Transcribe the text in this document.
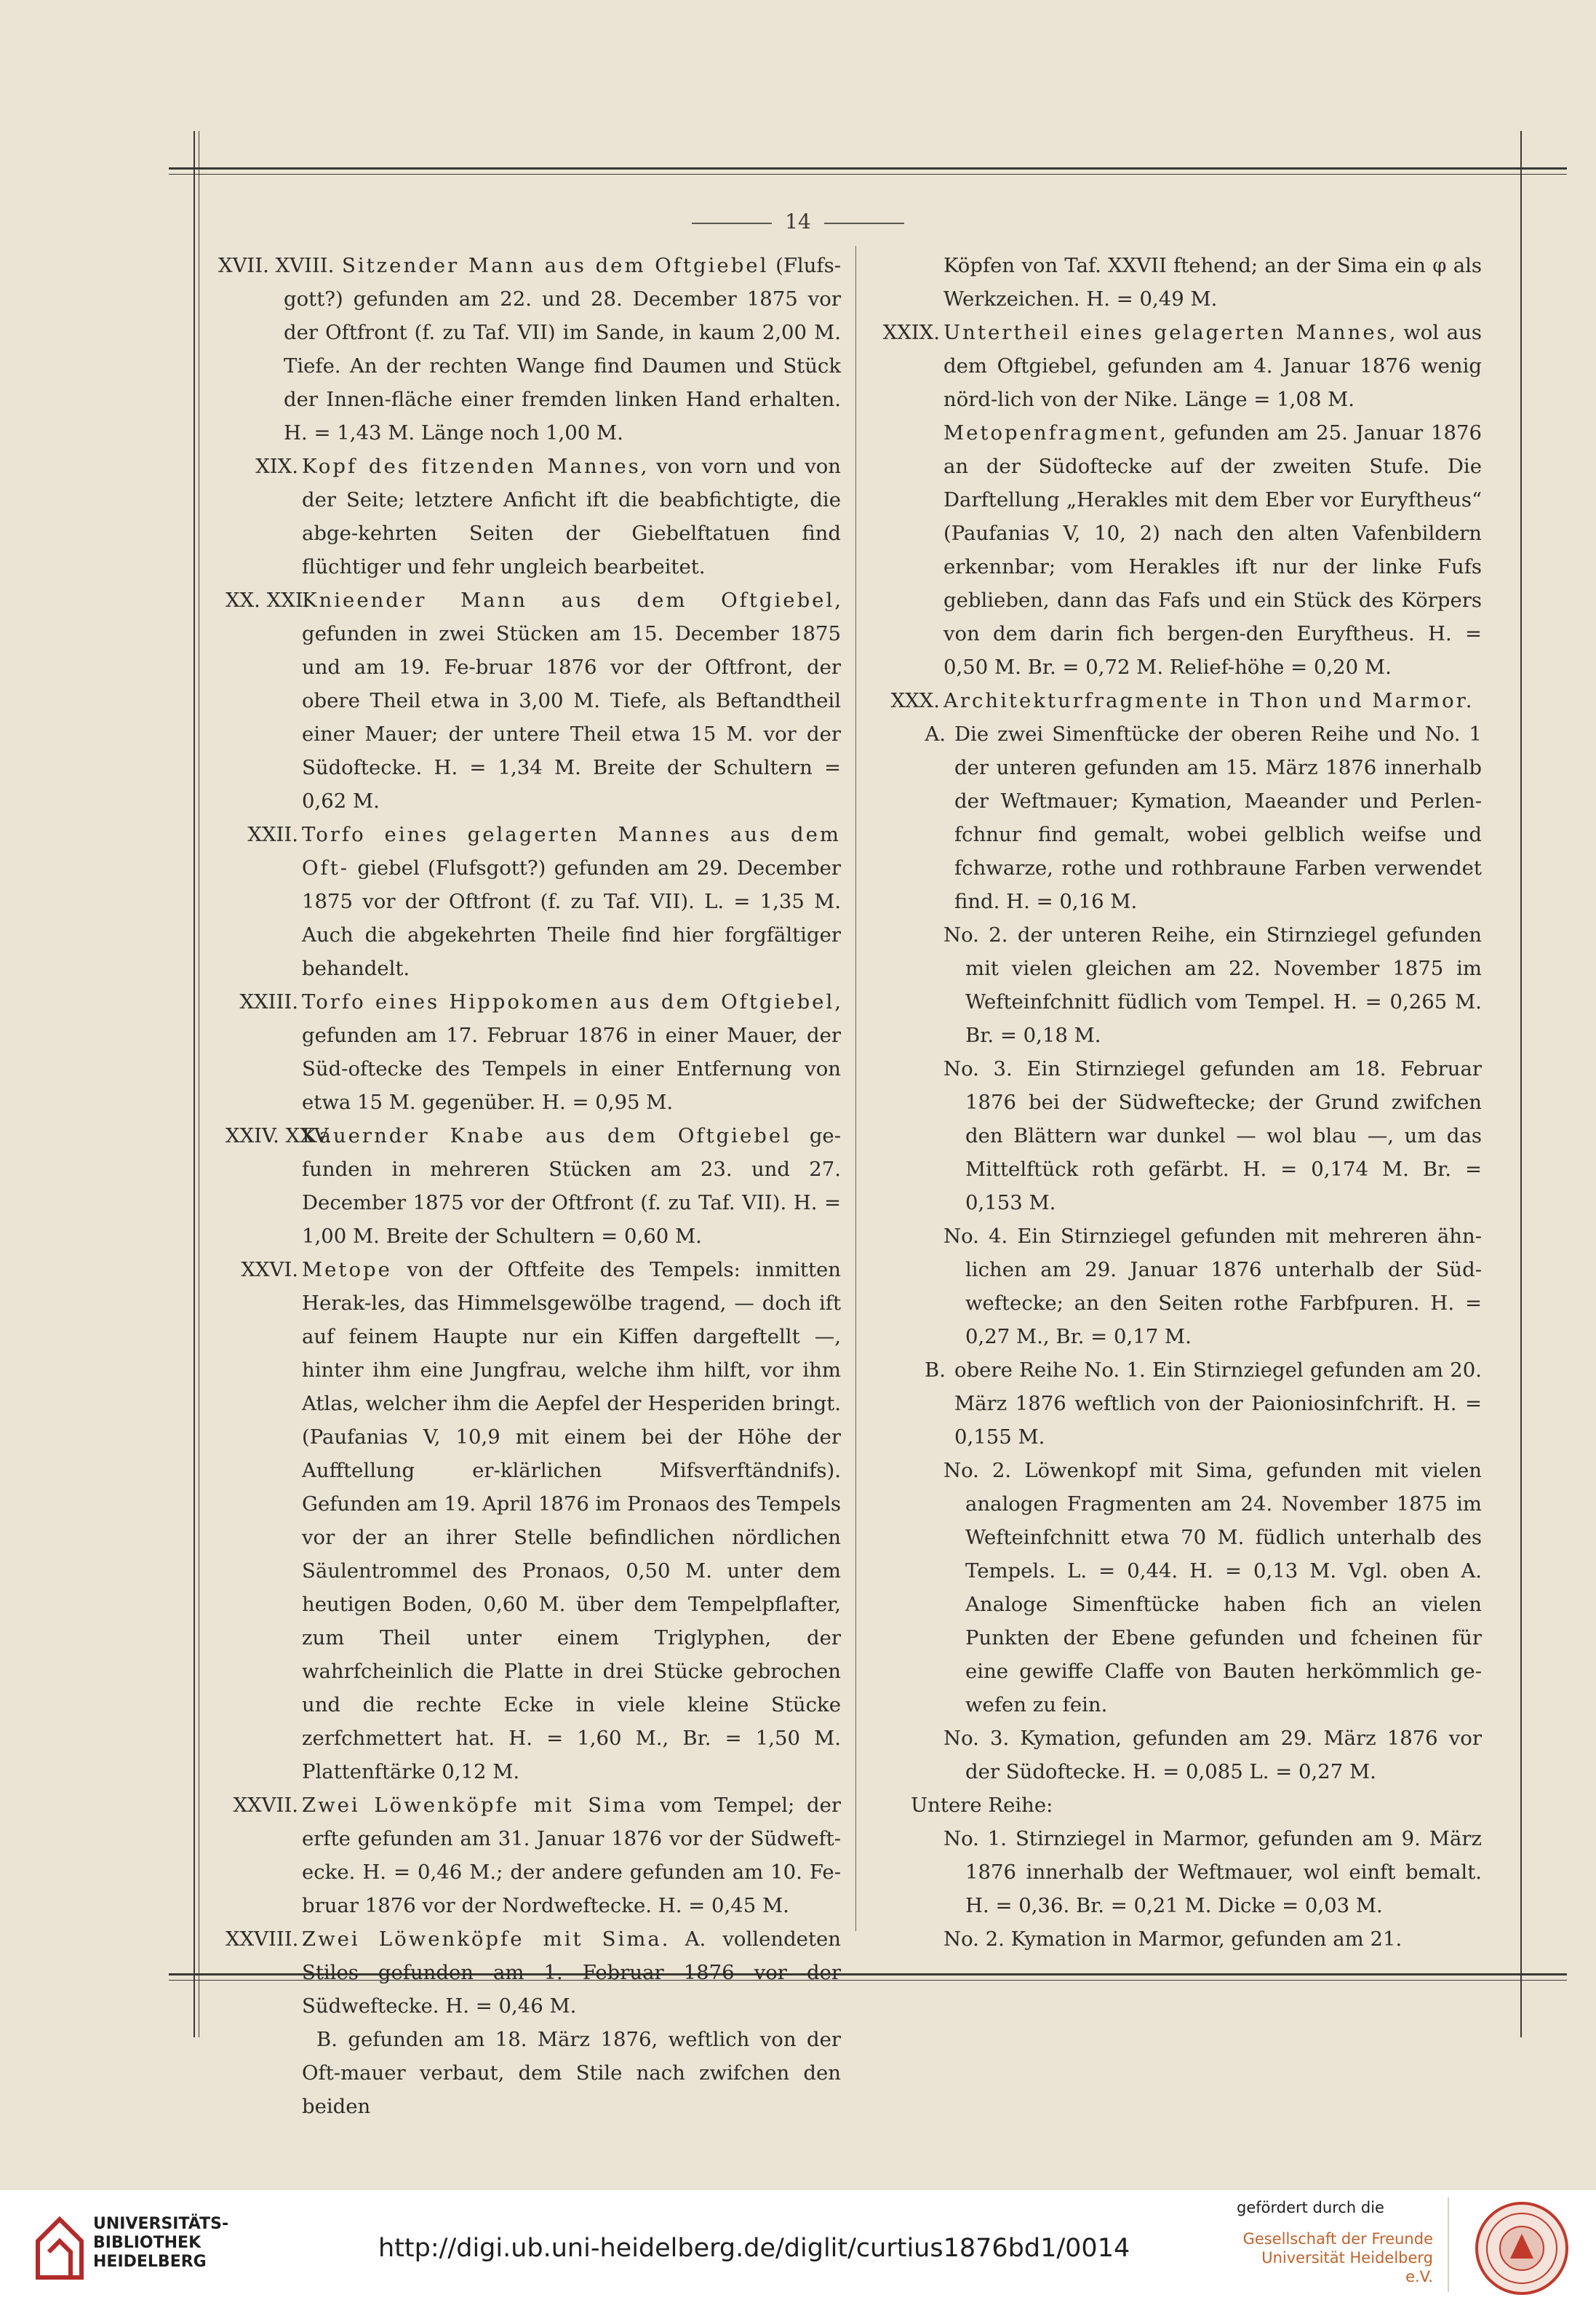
14
XVII. XVIII. Sitzender Mann aus dem Oftgiebel (Flufs-gott?) gefunden am 22. und 28. December 1875 vor der Oftfront (f. zu Taf. VII) im Sande, in kaum 2,00 M. Tiefe. An der rechten Wange find Daumen und Stück der Innen-fläche einer fremden linken Hand erhalten. H. = 1,43 M. Länge noch 1,00 M.
XIX. Kopf des fitzenden Mannes, von vorn und von der Seite; letztere Anficht ift die beabfichtigte, die abge-kehrten Seiten der Giebelftatuen find flüchtiger und fehr ungleich bearbeitet.
XX. XXI.
Knieender Mann aus dem Oftgiebel, gefunden in zwei Stücken am 15. December 1875 und am 19. Fe-bruar 1876 vor der Oftfront, der obere Theil etwa in 3,00 M. Tiefe, als Beftandtheil einer Mauer; der untere Theil etwa 15 M. vor der Südoftecke. H. = 1,34 M. Breite der Schultern = 0,62 M.
XXII. Torfo eines gelagerten Mannes aus dem Oft- giebel (Flufsgott?) gefunden am 29. December 1875 vor der Oftfront (f. zu Taf. VII). L. = 1,35 M. Auch die abgekehrten Theile find hier forgfältiger behandelt.
XXIII. Torfo eines Hippokomen aus dem Oftgiebel, gefunden am 17. Februar 1876 in einer Mauer, der Süd-oftecke des Tempels in einer Entfernung von etwa 15 M. gegenüber. H. = 0,95 M.
XXIV. XXV.
Kauernder Knabe aus dem Oftgiebel ge-funden in mehreren Stücken am 23. und 27. December 1875 vor der Oftfront (f. zu Taf. VII). H. = 1,00 M. Breite der Schultern = 0,60 M.
XXVI. Metope von der Oftfeite des Tempels: inmitten Herak-les, das Himmelsgewölbe tragend, — doch ift auf feinem Haupte nur ein Kiffen dargeftellt —, hinter ihm eine Jungfrau, welche ihm hilft, vor ihm Atlas, welcher ihm die Aepfel der Hesperiden bringt. (Paufanias V, 10,9 mit einem bei der Höhe der Aufftellung er-klärlichen Mifsverftändnifs). Gefunden am 19. April 1876 im Pronaos des Tempels vor der an ihrer Stelle befindlichen nördlichen Säulentrommel des Pronaos, 0,50 M. unter dem heutigen Boden, 0,60 M. über dem Tempelpflafter, zum Theil unter einem Triglyphen, der wahrfcheinlich die Platte in drei Stücke gebrochen und die rechte Ecke in viele kleine Stücke zerfchmettert hat. H. = 1,60 M., Br. = 1,50 M. Plattenftärke 0,12 M.
XXVII. Zwei Löwenköpfe mit Sima vom Tempel; der erfte gefunden am 31. Januar 1876 vor der Südweft-ecke. H. = 0,46 M.; der andere gefunden am 10. Fe-bruar 1876 vor der Nordweftecke. H. = 0,45 M.
XXVIII. Zwei Löwenköpfe mit Sima. A. vollendeten Stiles gefunden am 1. Februar 1876 vor der Südweftecke. H. = 0,46 M.
B. gefunden am 18. März 1876, weftlich von der Oft-mauer verbaut, dem Stile nach zwifchen den beiden
Köpfen von Taf. XXVII ftehend; an der Sima ein φ als Werkzeichen. H. = 0,49 M.
XXIX. Untertheil eines gelagerten Mannes, wol aus dem Oftgiebel, gefunden am 4. Januar 1876 wenig nörd-lich von der Nike. Länge = 1,08 M.
Metopenfragment, gefunden am 25. Januar 1876 an der Südoftecke auf der zweiten Stufe. Die Darftellung „Herakles mit dem Eber vor Euryftheus“ (Paufanias V, 10, 2) nach den alten Vafenbildern erkennbar; vom Herakles ift nur der linke Fufs geblieben, dann das Fafs und ein Stück des Körpers von dem darin fich bergen-den Euryftheus. H. = 0,50 M. Br. = 0,72 M. Relief-höhe = 0,20 M.
XXX. Architekturfragmente in Thon und Marmor.
A. Die zwei Simenftücke der oberen Reihe und No. 1 der unteren gefunden am 15. März 1876 innerhalb der Weftmauer; Kymation, Maeander und Perlen-fchnur find gemalt, wobei gelblich weifse und fchwarze, rothe und rothbraune Farben verwendet find. H. = 0,16 M.
No. 2. der unteren Reihe, ein Stirnziegel gefunden mit vielen gleichen am 22. November 1875 im Wefteinfchnitt füdlich vom Tempel. H. = 0,265 M. Br. = 0,18 M.
No. 3. Ein Stirnziegel gefunden am 18. Februar 1876 bei der Südweftecke; der Grund zwifchen den Blättern war dunkel — wol blau —, um das Mittelftück roth gefärbt. H. = 0,174 M. Br. = 0,153 M.
No. 4. Ein Stirnziegel gefunden mit mehreren ähn-lichen am 29. Januar 1876 unterhalb der Süd-weftecke; an den Seiten rothe Farbfpuren. H. = 0,27 M., Br. = 0,17 M.
B. obere Reihe No. 1. Ein Stirnziegel gefunden am 20. März 1876 weftlich von der Paioniosinfchrift. H. = 0,155 M.
No. 2. Löwenkopf mit Sima, gefunden mit vielen analogen Fragmenten am 24. November 1875 im Wefteinfchnitt etwa 70 M. füdlich unterhalb des Tempels. L. = 0,44. H. = 0,13 M. Vgl. oben A. Analoge Simenftücke haben fich an vielen Punkten der Ebene gefunden und fcheinen für eine gewiffe Claffe von Bauten herkömmlich ge-wefen zu fein.
No. 3. Kymation, gefunden am 29. März 1876 vor der Südoftecke. H. = 0,085 L. = 0,27 M.
Untere Reihe:
No. 1. Stirnziegel in Marmor, gefunden am 9. März 1876 innerhalb der Weftmauer, wol einft bemalt. H. = 0,36. Br. = 0,21 M. Dicke = 0,03 M.
No. 2. Kymation in Marmor, gefunden am 21.
UNIVERSITÄTS-
BIBLIOTHEK
HEIDELBERG	http://digi.ub.uni-heidelberg.de/diglit/curtius1876bd1/0014
gefördert durch die
Gesellschaft der Freunde
Universität Heidelberg e.V.
